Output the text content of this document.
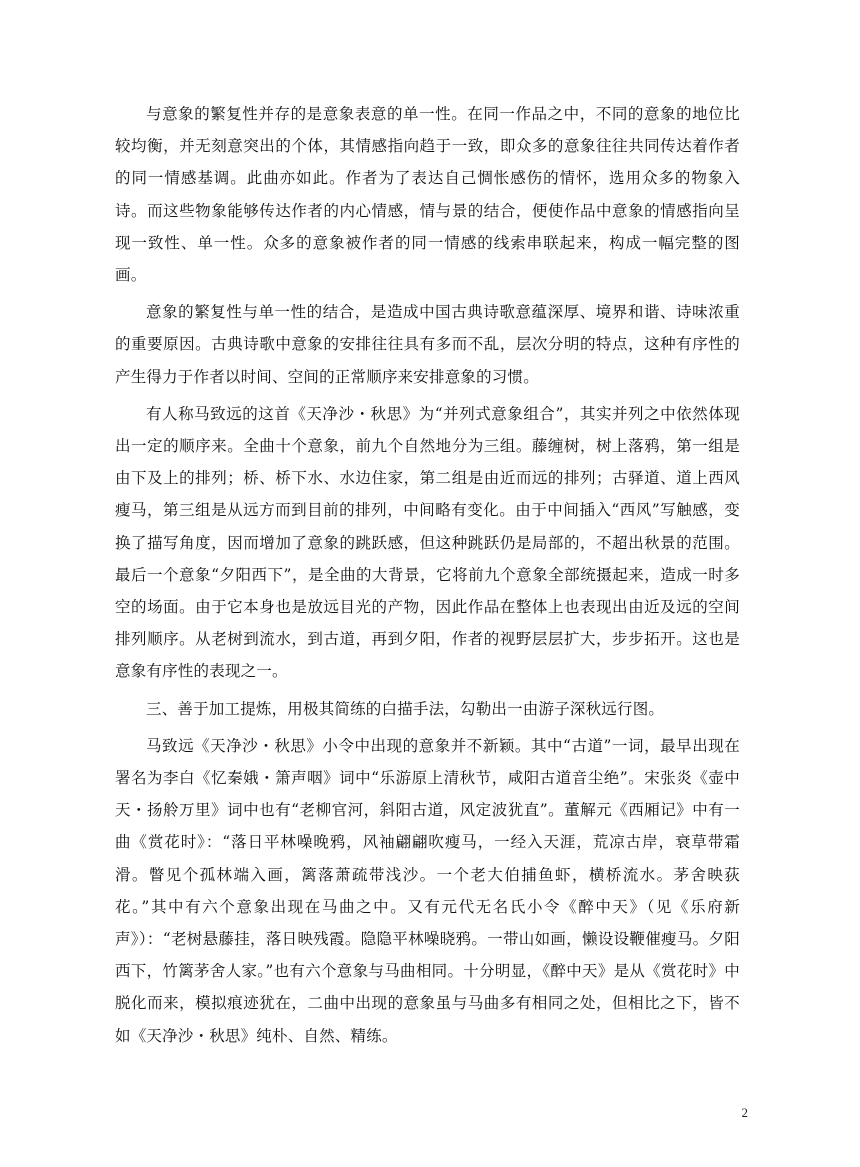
与意象的繁复性并存的是意象表意的单一性。在同一作品之中，不同的意象的地位比较均衡，并无刻意突出的个体，其情感指向趋于一致，即众多的意象往往共同传达着作者的同一情感基调。此曲亦如此。作者为了表达自己惆怅感伤的情怀，选用众多的物象入诗。而这些物象能够传达作者的内心情感，情与景的结合，便使作品中意象的情感指向呈现一致性、单一性。众多的意象被作者的同一情感的线索串联起来，构成一幅完整的图画。

意象的繁复性与单一性的结合，是造成中国古典诗歌意蕴深厚、境界和谐、诗味浓重的重要原因。古典诗歌中意象的安排往往具有多而不乱，层次分明的特点，这种有序性的产生得力于作者以时间、空间的正常顺序来安排意象的习惯。

有人称马致远的这首《天净沙・秋思》为“并列式意象组合”，其实并列之中依然体现出一定的顺序来。全曲十个意象，前九个自然地分为三组。藤缠树，树上落鸦，第一组是由下及上的排列；桥、桥下水、水边住家，第二组是由近而远的排列；古驿道、道上西风瘦马，第三组是从远方而到目前的排列，中间略有变化。由于中间插入“西风”写触感，变换了描写角度，因而增加了意象的跳跃感，但这种跳跃仍是局部的，不超出秋景的范围。最后一个意象“夕阳西下”，是全曲的大背景，它将前九个意象全部统摄起来，造成一时多空的场面。由于它本身也是放远目光的产物，因此作品在整体上也表现出由近及远的空间排列顺序。从老树到流水，到古道，再到夕阳，作者的视野层层扩大，步步拓开。这也是意象有序性的表现之一。

三、善于加工提炼，用极其简练的白描手法，勾勒出一由游子深秋远行图。

马致远《天净沙・秋思》小令中出现的意象并不新颖。其中“古道”一词，最早出现在署名为李白《忆秦娥・箫声咽》词中“乐游原上清秋节，咸阳古道音尘绝”。宋张炎《壶中天・扬舲万里》词中也有“老柳官河，斜阳古道，风定波犹直”。董解元《西厢记》中有一曲《赏花时》：“落日平林噪晚鸦，风袖翩翩吹瘦马，一经入天涯，荒凉古岸，衰草带霜滑。瞥见个孤林端入画，篱落萧疏带浅沙。一个老大伯捕鱼虾，横桥流水。茅舍映荻花。”其中有六个意象出现在马曲之中。又有元代无名氏小令《醉中天》（见《乐府新声》）：“老树悬藤挂，落日映残霞。隐隐平林噪晓鸦。一带山如画，懒设设鞭催瘦马。夕阳西下，竹篱茅舍人家。”也有六个意象与马曲相同。十分明显，《醉中天》是从《赏花时》中脱化而来，模拟痕迹犹在，二曲中出现的意象虽与马曲多有相同之处，但相比之下，皆不如《天净沙・秋思》纯朴、自然、精练。

2
